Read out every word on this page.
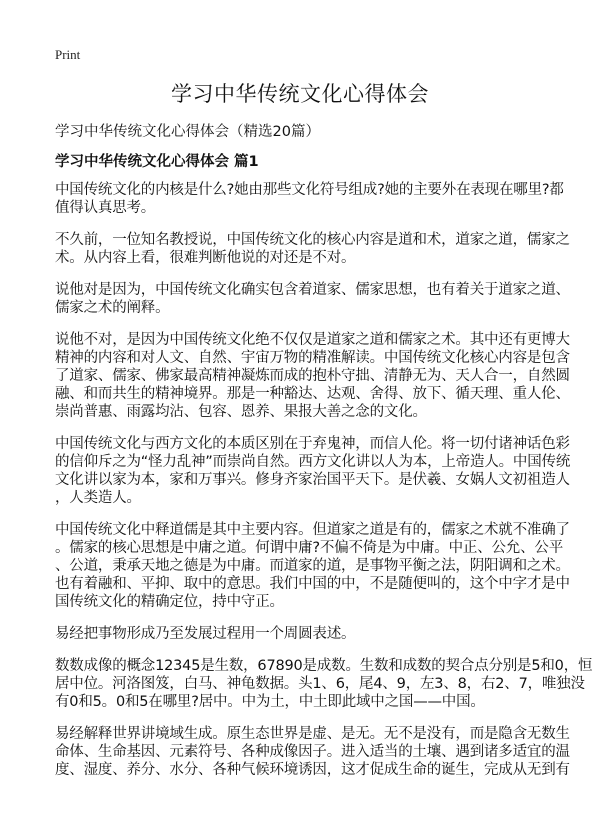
Print
学习中华传统文化心得体会
学习中华传统文化心得体会（精选20篇）
学习中华传统文化心得体会 篇1
中国传统文化的内核是什么?她由那些文化符号组成?她的主要外在表现在哪里?都
值得认真思考。
不久前，一位知名教授说，中国传统文化的核心内容是道和术，道家之道，儒家之
术。从内容上看，很难判断他说的对还是不对。
说他对是因为，中国传统文化确实包含着道家、儒家思想，也有着关于道家之道、
儒家之术的阐释。
说他不对，是因为中国传统文化绝不仅仅是道家之道和儒家之术。其中还有更博大
精神的内容和对人文、自然、宇宙万物的精准解读。中国传统文化核心内容是包含
了道家、儒家、佛家最高精神凝炼而成的抱朴守拙、清静无为、天人合一，自然圆
融、和而共生的精神境界。那是一种豁达、达观、舍得、放下、循天理、重人伦、
崇尚普惠、雨露均沾、包容、恩养、果报大善之念的文化。
中国传统文化与西方文化的本质区别在于弃鬼神，而信人伦。将一切付诸神话色彩
的信仰斥之为“怪力乱神”而崇尚自然。西方文化讲以人为本，上帝造人。中国传统
文化讲以家为本，家和万事兴。修身齐家治国平天下。是伏羲、女娲人文初祖造人
，人类造人。
中国传统文化中释道儒是其中主要内容。但道家之道是有的，儒家之术就不准确了
。儒家的核心思想是中庸之道。何谓中庸?不偏不倚是为中庸。中正、公允、公平
、公道，秉承天地之德是为中庸。而道家的道，是事物平衡之法，阴阳调和之术。
也有着融和、平抑、取中的意思。我们中国的中，不是随便叫的，这个中字才是中
国传统文化的精确定位，持中守正。
易经把事物形成乃至发展过程用一个周圆表述。
数数成像的概念12345是生数，67890是成数。生数和成数的契合点分别是5和0，恒
居中位。河洛图笈，白马、神龟数据。头1、6，尾4、9，左3、8，右2、7，唯独没
有0和5。0和5在哪里?居中。中为土，中土即此域中之国——中国。
易经解释世界讲境域生成。原生态世界是虚、是无。无不是没有，而是隐含无数生
命体、生命基因、元素符号、各种成像因子。进入适当的土壤、遇到诸多适宜的温
度、湿度、养分、水分、各种气候环境诱因，这才促成生命的诞生，完成从无到有
